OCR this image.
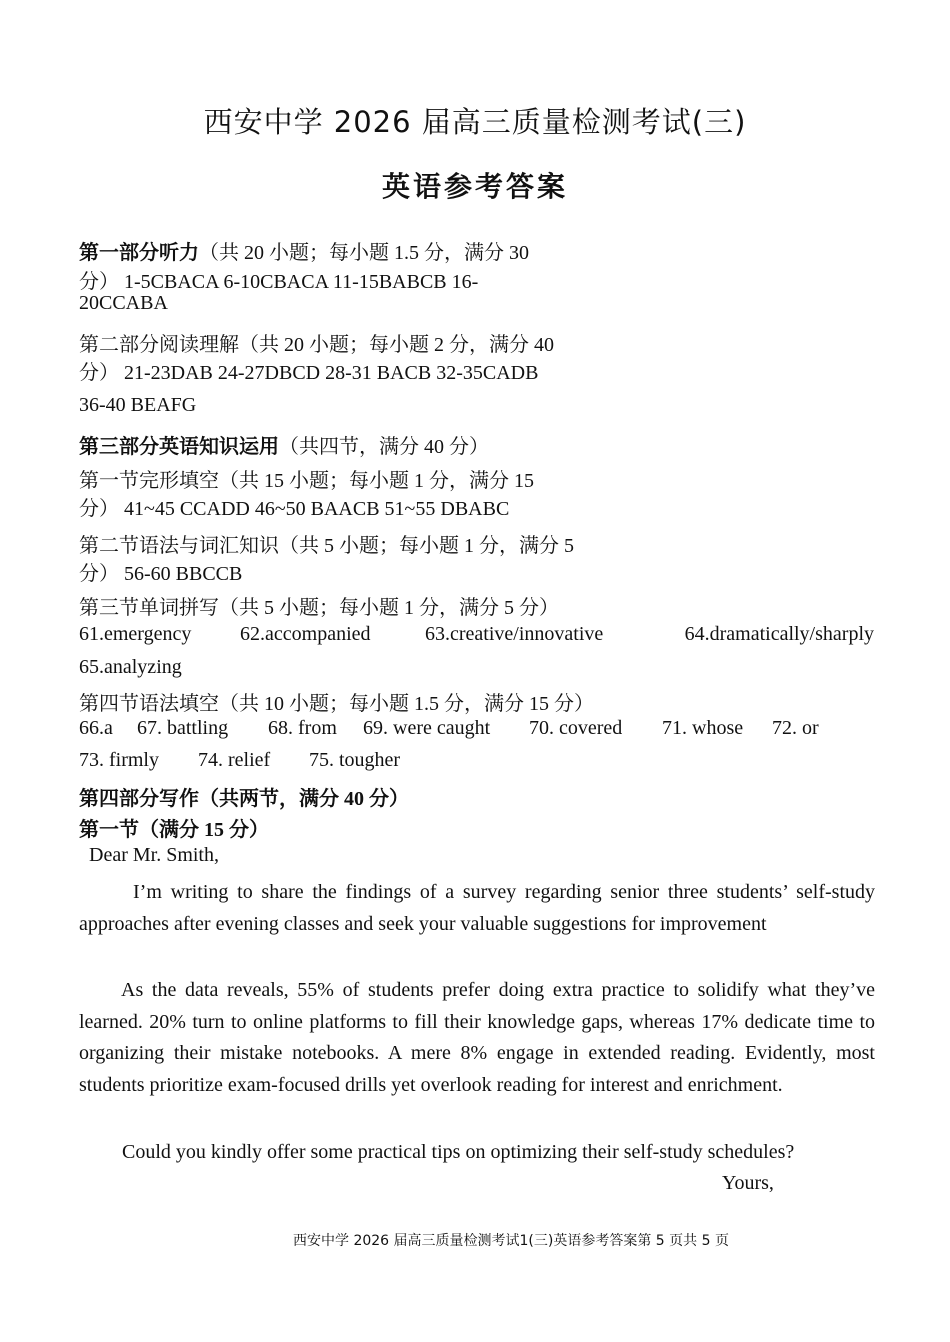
西安中学 2026 届高三质量检测考试(三)
英语参考答案
第一部分听力（共 20 小题；每小题 1.5 分，满分 30
分） 1-5CBACA 6-10CBACA 11-15BABCB 16-
20CCABA
第二部分阅读理解（共 20 小题；每小题 2 分，满分 40
分） 21-23DAB 24-27DBCD 28-31 BACB 32-35CADB
36-40 BEAFG
第三部分英语知识运用（共四节，满分 40 分）
第一节完形填空（共 15 小题；每小题 1 分，满分 15
分） 41~45 CCADD 46~50 BAACB 51~55 DBABC
第二节语法与词汇知识（共 5 小题；每小题 1 分，满分 5
分） 56-60 BBCCB
第三节单词拼写（共 5 小题；每小题 1 分，满分 5 分）
61.emergency 62.accompanied	63.creative/innovative	64.dramatically/sharply
65.analyzing
第四节语法填空（共 10 小题；每小题 1.5 分，满分 15 分）
66.a 67. battling 68. from 69. were caught 70. covered 71. whose 72. or
73. firmly 74. relief 75. tougher
第四部分写作（共两节，满分 40 分）
第一节（满分 15 分）
Dear Mr. Smith,
I’m writing to share the findings of a survey regarding senior three students’ self-study approaches after evening classes and seek your valuable suggestions for improvement
As the data reveals, 55% of students prefer doing extra practice to solidify what they’ve learned. 20% turn to online platforms to fill their knowledge gaps, whereas 17% dedicate time to organizing their mistake notebooks. A mere 8% engage in extended reading. Evidently, most students prioritize exam-focused drills yet overlook reading for interest and enrichment.
Could you kindly offer some practical tips on optimizing their self-study schedules?
Yours,
西安中学 2026 届高三质量检测考试1(三)英语参考答案第 5 页共 5 页
